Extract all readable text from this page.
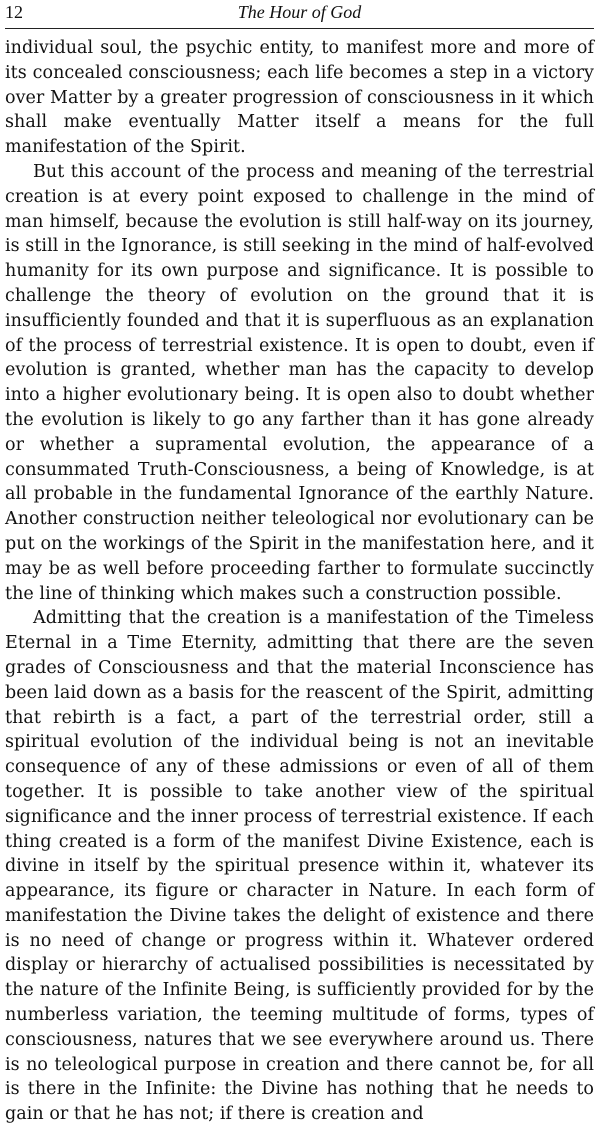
12	The Hour of God

individual soul, the psychic entity, to manifest more and more of its concealed consciousness; each life becomes a step in a victory over Matter by a greater progression of consciousness in it which shall make eventually Matter itself a means for the full manifestation of the Spirit.

But this account of the process and meaning of the terrestrial creation is at every point exposed to challenge in the mind of man himself, because the evolution is still half-way on its journey, is still in the Ignorance, is still seeking in the mind of half-evolved humanity for its own purpose and significance. It is possible to challenge the theory of evolution on the ground that it is insufficiently founded and that it is superfluous as an explanation of the process of terrestrial existence. It is open to doubt, even if evolution is granted, whether man has the capacity to develop into a higher evolutionary being. It is open also to doubt whether the evolution is likely to go any farther than it has gone already or whether a supramental evolution, the appearance of a consummated Truth-Consciousness, a being of Knowledge, is at all probable in the fundamental Ignorance of the earthly Nature. Another construction neither teleological nor evolutionary can be put on the workings of the Spirit in the manifestation here, and it may be as well before proceeding farther to formulate succinctly the line of thinking which makes such a construction possible.

Admitting that the creation is a manifestation of the Timeless Eternal in a Time Eternity, admitting that there are the seven grades of Consciousness and that the material Inconscience has been laid down as a basis for the reascent of the Spirit, admitting that rebirth is a fact, a part of the terrestrial order, still a spiritual evolution of the individual being is not an inevitable consequence of any of these admissions or even of all of them together. It is possible to take another view of the spiritual significance and the inner process of terrestrial existence. If each thing created is a form of the manifest Divine Existence, each is divine in itself by the spiritual presence within it, whatever its appearance, its figure or character in Nature. In each form of manifestation the Divine takes the delight of existence and there is no need of change or progress within it. Whatever ordered display or hierarchy of actualised possibilities is necessitated by the nature of the Infinite Being, is sufficiently provided for by the numberless variation, the teeming multitude of forms, types of consciousness, natures that we see everywhere around us. There is no teleological purpose in creation and there cannot be, for all is there in the Infinite: the Divine has nothing that he needs to gain or that he has not; if there is creation and
